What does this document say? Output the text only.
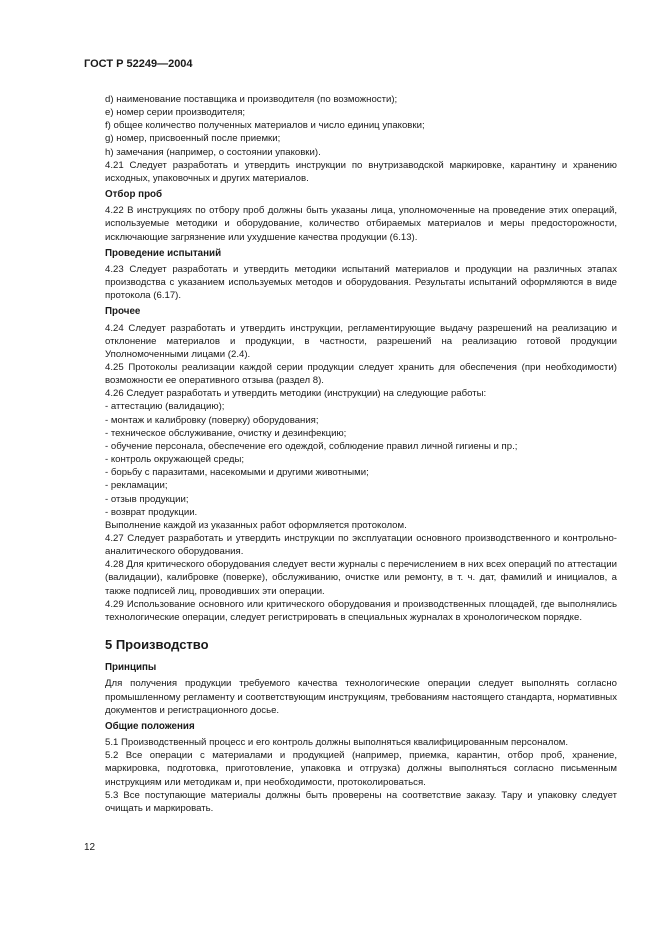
ГОСТ Р 52249—2004

d) наименование поставщика и производителя (по возможности);

e) номер серии производителя;

f) общее количество полученных материалов и число единиц упаковки;

g) номер, присвоенный после приемки;

h) замечания (например, о состоянии упаковки).

4.21 Следует разработать и утвердить инструкции по внутризаводской маркировке, карантину и хранению исходных, упаковочных и других материалов.

Отбор проб

4.22 В инструкциях по отбору проб должны быть указаны лица, уполномоченные на проведение этих операций, используемые методики и оборудование, количество отбираемых материалов и меры предосторожности, исключающие загрязнение или ухудшение качества продукции (6.13).

Проведение испытаний

4.23 Следует разработать и утвердить методики испытаний материалов и продукции на различных этапах производства с указанием используемых методов и оборудования. Результаты испытаний оформляются в виде протокола (6.17).

Прочее

4.24 Следует разработать и утвердить инструкции, регламентирующие выдачу разрешений на реализацию и отклонение материалов и продукции, в частности, разрешений на реализацию готовой продукции Уполномоченными лицами (2.4).

4.25 Протоколы реализации каждой серии продукции следует хранить для обеспечения (при необходимости) возможности ее оперативного отзыва (раздел 8).

4.26 Следует разработать и утвердить методики (инструкции) на следующие работы:

- аттестацию (валидацию);

- монтаж и калибровку (поверку) оборудования;

- техническое обслуживание, очистку и дезинфекцию;

- обучение персонала, обеспечение его одеждой, соблюдение правил личной гигиены и пр.;

- контроль окружающей среды;

- борьбу с паразитами, насекомыми и другими животными;

- рекламации;

- отзыв продукции;

- возврат продукции.

Выполнение каждой из указанных работ оформляется протоколом.

4.27 Следует разработать и утвердить инструкции по эксплуатации основного производственного и контрольно-аналитического оборудования.

4.28 Для критического оборудования следует вести журналы с перечислением в них всех операций по аттестации (валидации), калибровке (поверке), обслуживанию, очистке или ремонту, в т. ч. дат, фамилий и инициалов, а также подписей лиц, проводивших эти операции.

4.29 Использование основного или критического оборудования и производственных площадей, где выполнялись технологические операции, следует регистрировать в специальных журналах в хронологическом порядке.

5 Производство
Принципы

Для получения продукции требуемого качества технологические операции следует выполнять согласно промышленному регламенту и соответствующим инструкциям, требованиям настоящего стандарта, нормативных документов и регистрационного досье.

Общие положения

5.1 Производственный процесс и его контроль должны выполняться квалифицированным персоналом.

5.2 Все операции с материалами и продукцией (например, приемка, карантин, отбор проб, хранение, маркировка, подготовка, приготовление, упаковка и отгрузка) должны выполняться согласно письменным инструкциям или методикам и, при необходимости, протоколироваться.

5.3 Все поступающие материалы должны быть проверены на соответствие заказу. Тару и упаковку следует очищать и маркировать.

12
